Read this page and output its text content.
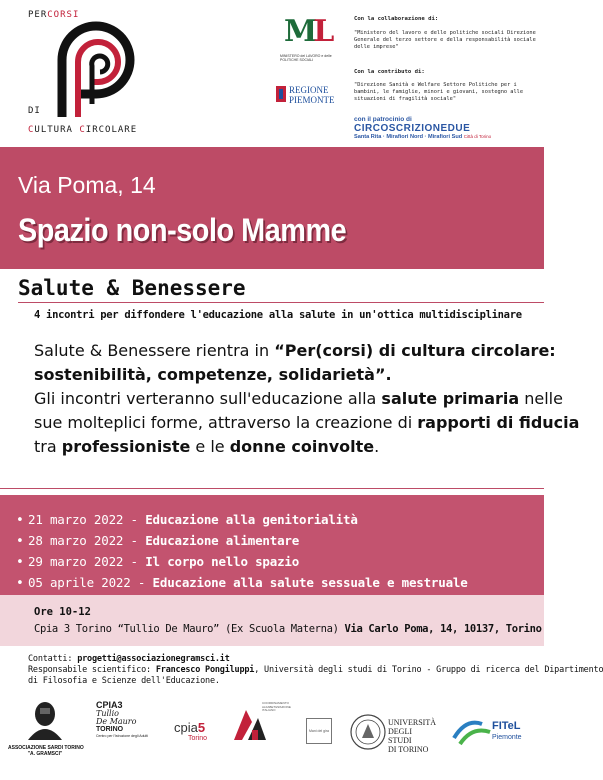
PERCORSI
DI
CULTURA CIRCOLARE
ML
MINISTERO del LAVORO e delle POLITICHE SOCIALI
REGIONE
PIEMONTE
Con la collaborazione di:
"Ministero del lavoro e delle politiche sociali Direzione Generale del terzo settore e della responsabilità sociale delle imprese"
Con la contributo di:
"Direzione Sanità e Welfare Settore Politiche per i bambini, le famiglie, minori e giovani, sostegno alle situazioni di fragilità sociale"
con il patrocinio di
CIRCOSCRIZIONEDUE
Santa Rita · Mirafiori Nord · Mirafiori Sud Città di Torino
Via Poma, 14
Spazio non-solo Mamme
Salute & Benessere
4 incontri per diffondere l'educazione alla salute in un'ottica multidisciplinare
Salute & Benessere rientra in “Per(corsi) di cultura circolare:
sostenibilità, competenze, solidarietà”.
Gli incontri verteranno sull'educazione alla salute primaria nelle
sue molteplici forme, attraverso la creazione di rapporti di fiducia
tra professioniste e le donne coinvolte.
• 21 marzo 2022 - Educazione alla genitorialità
• 28 marzo 2022 - Educazione alimentare
• 29 marzo 2022 - Il corpo nello spazio
• 05 aprile 2022 - Educazione alla salute sessuale e mestruale
Ore 10-12
Cpia 3 Torino “Tullio De Mauro” (Ex Scuola Materna) Via Carlo Poma, 14, 10137, Torino
Contatti: progetti@associazionegramsci.it
Responsabile scientifico: Francesco Pongiluppi, Università degli studi di Torino - Gruppo di ricerca del Dipartimento
di Filosofia e Scienze dell'Educazione.
ASSOCIAZIONE SARDI TORINO
"A. GRAMSCI"
CPIA3
Tullio
De Mauro
TORINO
Centro per l'Istruzione degli Adulti
cpia5
Torino
COORDINAMENTO ALFABETIZZAZIONE ITALIANO
Mani del gira
UNIVERSITÀ
DEGLI STUDI
DI TORINO
FITeL
Piemonte
